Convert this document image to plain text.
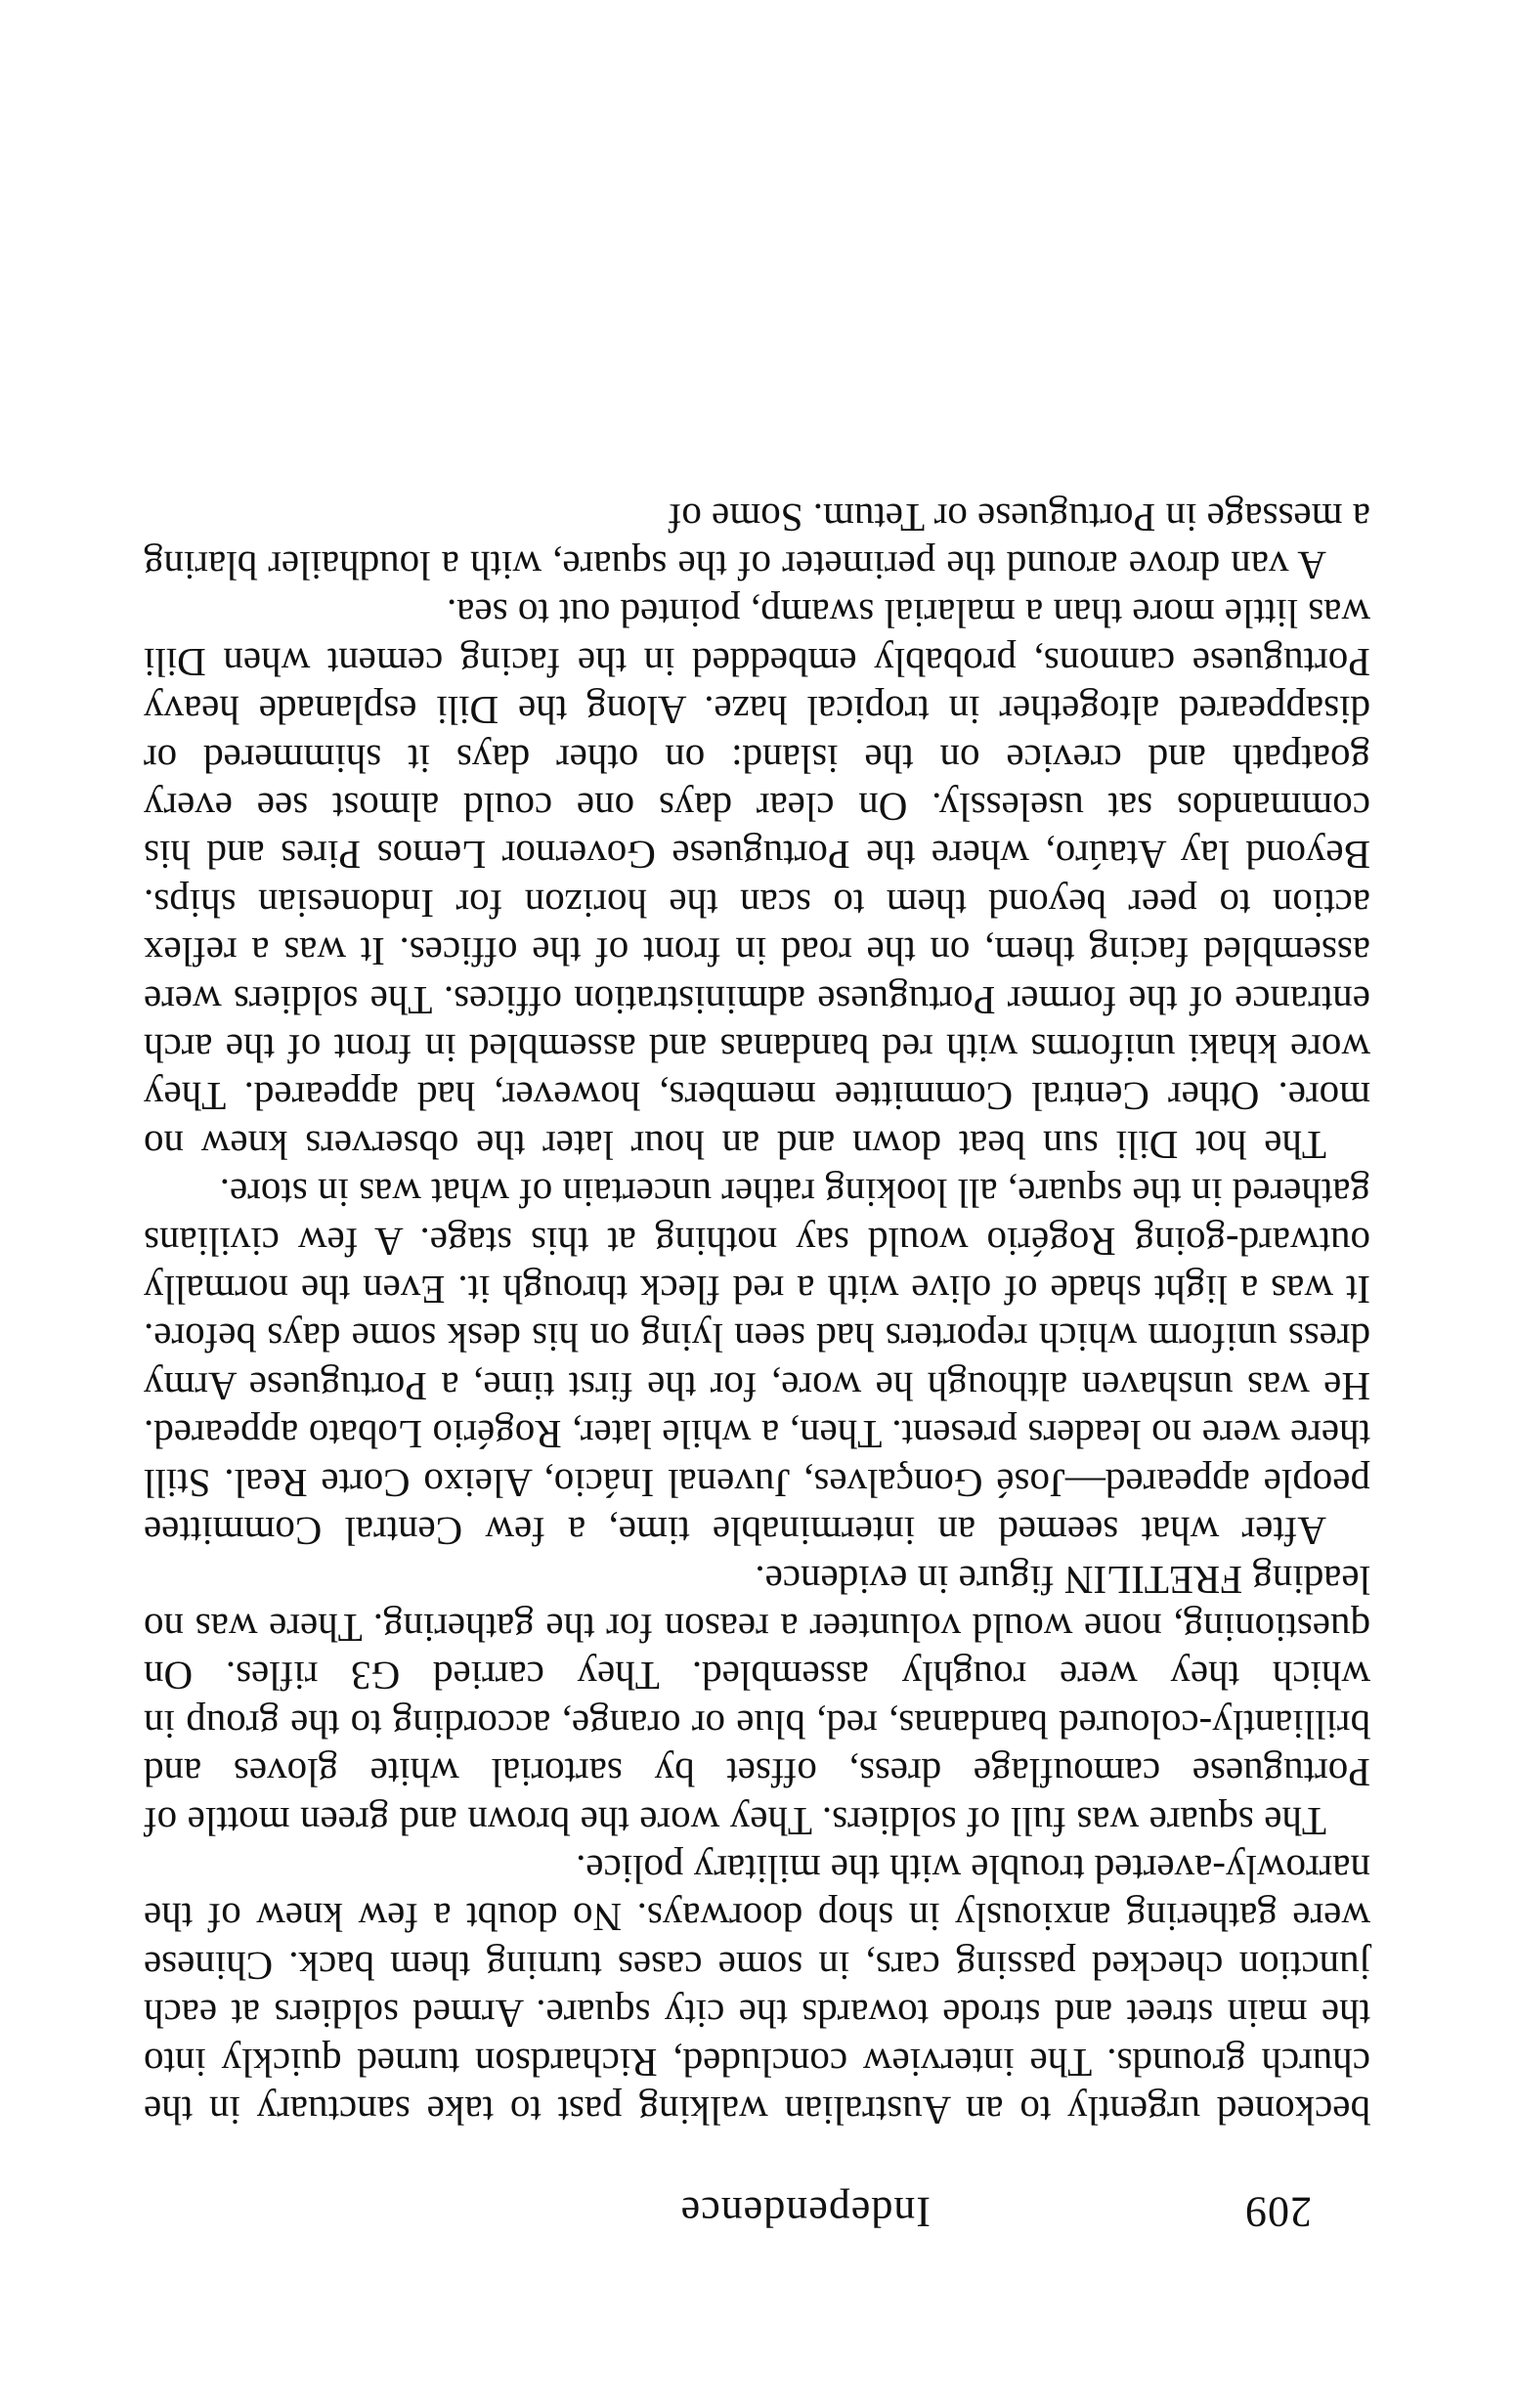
Independence	209

beckoned urgently to an Australian walking past to take sanctuary in the church grounds. The interview concluded, Richardson turned quickly into the main street and strode towards the city square. Armed soldiers at each junction checked passing cars, in some cases turning them back. Chinese were gathering anxiously in shop doorways. No doubt a few knew of the narrowly-averted trouble with the military police.

The square was full of soldiers. They wore the brown and green mottle of Portuguese camouflage dress, offset by sartorial white gloves and brilliantly-coloured bandanas, red, blue or orange, according to the group in which they were roughly assembled. They carried G3 rifles. On questioning, none would volunteer a reason for the gathering. There was no leading FRETILIN figure in evidence.

After what seemed an interminable time, a few Central Committee people appeared—José Gonçalves, Juvenal Inácio, Aleixo Corte Real. Still there were no leaders present. Then, a while later, Rogério Lobato appeared. He was unshaven although he wore, for the first time, a Portuguese Army dress uniform which reporters had seen lying on his desk some days before. It was a light shade of olive with a red fleck through it. Even the normally outward-going Rogério would say nothing at this stage. A few civilians gathered in the square, all looking rather uncertain of what was in store.

The hot Dili sun beat down and an hour later the observers knew no more. Other Central Committee members, however, had appeared. They wore khaki uniforms with red bandanas and assembled in front of the arch entrance of the former Portuguese administration offices. The soldiers were assembled facing them, on the road in front of the offices. It was a reflex action to peer beyond them to scan the horizon for Indonesian ships. Beyond lay Ataúro, where the Portuguese Governor Lemos Pires and his commandos sat uselessly. On clear days one could almost see every goatpath and crevice on the island: on other days it shimmered or disappeared altogether in tropical haze. Along the Dili esplanade heavy Portuguese cannons, probably embedded in the facing cement when Dili was little more than a malarial swamp, pointed out to sea.

A van drove around the perimeter of the square, with a loudhailer blaring a message in Portuguese or Tetum. Some of
